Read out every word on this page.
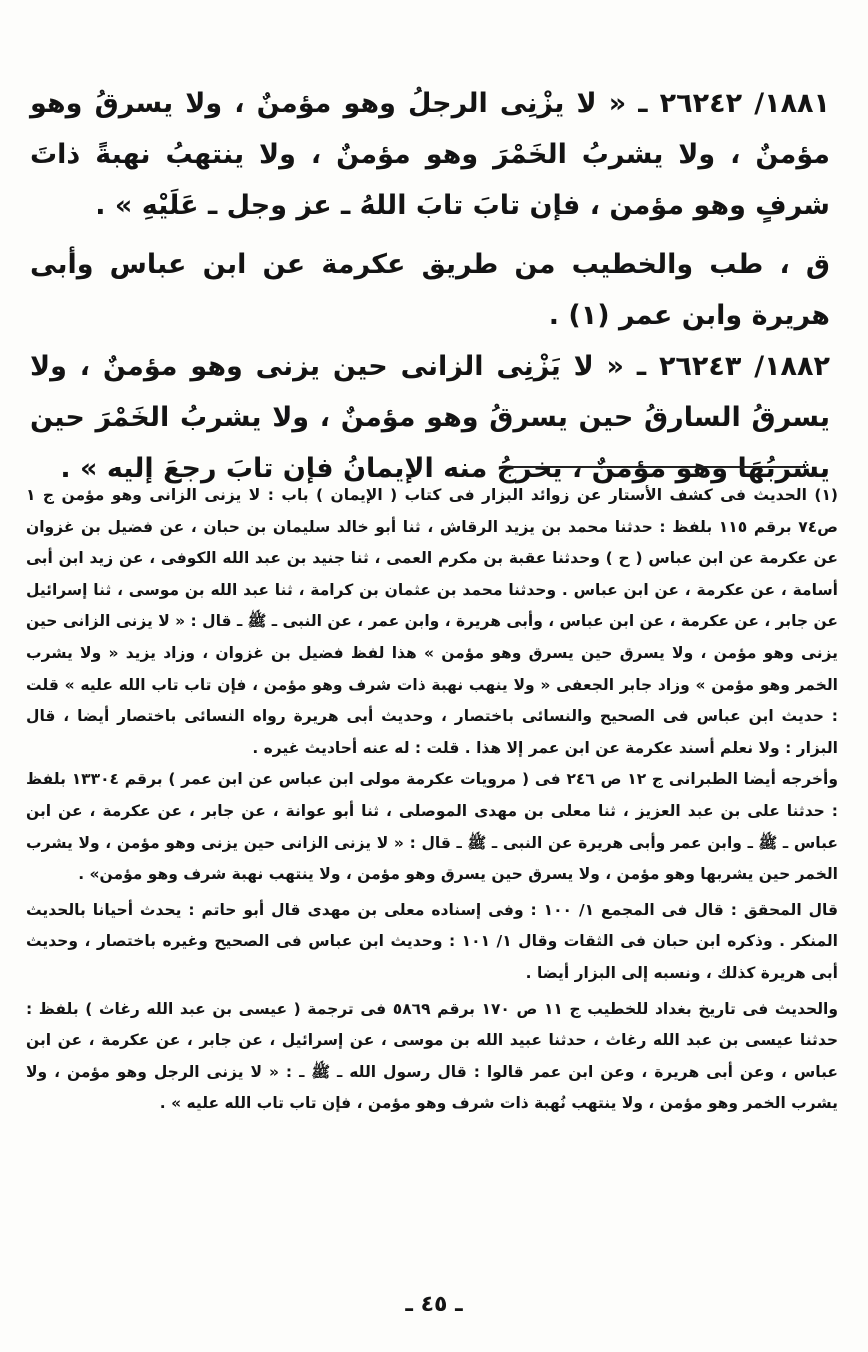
١٨٨١/ ٢٦٢٤٢ ـ « لا يزْنِى الرجلُ وهو مؤمنٌ ، ولا يسرقُ وهو مؤمنٌ ، ولا يشربُ الخَمْرَ وهو مؤمنٌ ، ولا ينتهبُ نهبةً ذاتَ شرفٍ وهو مؤمن ، فإن تابَ تابَ اللهُ ـ عز وجل ـ عَلَيْهِ » .

ق ، طب والخطيب من طريق عكرمة عن ابن عباس وأبى هريرة وابن عمر (١) .

١٨٨٢/ ٢٦٢٤٣ ـ « لا يَزْنِى الزانى حين يزنى وهو مؤمنٌ ، ولا يسرقُ السارقُ حين يسرقُ وهو مؤمنٌ ، ولا يشربُ الخَمْرَ حين يشربُهَا وهو مؤمنٌ ، يخرجُ منه الإيمانُ فإن تابَ رجعَ إليه » .

(١) الحديث فى كشف الأستار عن زوائد البزار فى كتاب ( الإيمان ) باب : لا يزنى الزانى وهو مؤمن ج ١ ص٧٤ برقم ١١٥ بلفظ : حدثنا محمد بن يزيد الرقاش ، ثنا أبو خالد سليمان بن حبان ، عن فضيل بن غزوان عن عكرمة عن ابن عباس ( ح ) وحدثنا عقبة بن مكرم العمى ، ثنا جنيد بن عبد الله الكوفى ، عن زيد ابن أبى أسامة ، عن عكرمة ، عن ابن عباس . وحدثنا محمد بن عثمان بن كرامة ، ثنا عبد الله بن موسى ، ثنا إسرائيل عن جابر ، عن عكرمة ، عن ابن عباس ، وأبى هريرة ، وابن عمر ، عن النبى ـ ﷺ ـ قال : « لا يزنى الزانى حين يزنى وهو مؤمن ، ولا يسرق حين يسرق وهو مؤمن » هذا لفظ فضيل بن غزوان ، وزاد يزيد « ولا يشرب الخمر وهو مؤمن » وزاد جابر الجعفى « ولا ينهب نهبة ذات شرف وهو مؤمن ، فإن تاب تاب الله عليه » قلت : حديث ابن عباس فى الصحيح والنسائى باختصار ، وحديث أبى هريرة رواه النسائى باختصار أيضا ، قال البزار : ولا نعلم أسند عكرمة عن ابن عمر إلا هذا . قلت : له عنه أحاديث غيره .

وأخرجه أيضا الطبرانى ج ١٢ ص ٢٤٦ فى ( مرويات عكرمة مولى ابن عباس عن ابن عمر ) برقم ١٣٣٠٤ بلفظ : حدثنا على بن عبد العزيز ، ثنا معلى بن مهدى الموصلى ، ثنا أبو عوانة ، عن جابر ، عن عكرمة ، عن ابن عباس ـ ﷺ ـ وابن عمر وأبى هريرة عن النبى ـ ﷺ ـ قال : « لا يزنى الزانى حين يزنى وهو مؤمن ، ولا يشرب الخمر حين يشربها وهو مؤمن ، ولا يسرق حين يسرق وهو مؤمن ، ولا ينتهب نهبة شرف وهو مؤمن» .

قال المحقق : قال فى المجمع ١/ ١٠٠ : وفى إسناده معلى بن مهدى قال أبو حاتم : يحدث أحيانا بالحديث المنكر . وذكره ابن حبان فى الثقات وقال ١/ ١٠١ : وحديث ابن عباس فى الصحيح وغيره باختصار ، وحديث أبى هريرة كذلك ، ونسبه إلى البزار أيضا .

والحديث فى تاريخ بغداد للخطيب ج ١١ ص ١٧٠ برقم ٥٨٦٩ فى ترجمة ( عيسى بن عبد الله رغاث ) بلفظ : حدثنا عيسى بن عبد الله رغاث ، حدثنا عبيد الله بن موسى ، عن إسرائيل ، عن جابر ، عن عكرمة ، عن ابن عباس ، وعن أبى هريرة ، وعن ابن عمر قالوا : قال رسول الله ـ ﷺ ـ : « لا يزنى الرجل وهو مؤمن ، ولا يشرب الخمر وهو مؤمن ، ولا ينتهب نُهبة ذات شرف وهو مؤمن ، فإن تاب تاب الله عليه » .

ـ ٤٥ ـ
